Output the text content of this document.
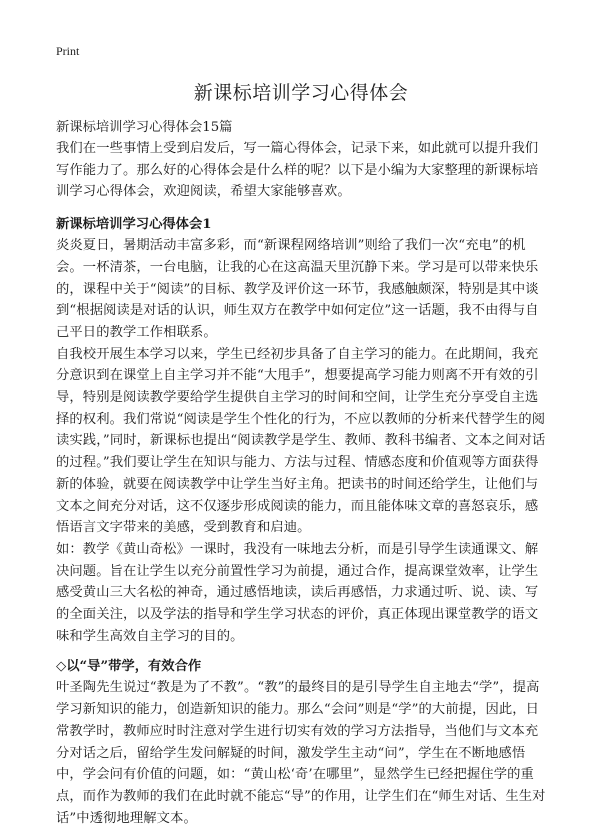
Print
新课标培训学习心得体会
新课标培训学习心得体会15篇

我们在一些事情上受到启发后，写一篇心得体会，记录下来，如此就可以提升我们写作能力了。那么好的心得体会是什么样的呢？以下是小编为大家整理的新课标培训学习心得体会，欢迎阅读，希望大家能够喜欢。

新课标培训学习心得体会1

炎炎夏日，暑期活动丰富多彩，而“新课程网络培训”则给了我们一次“充电”的机会。一杯清茶，一台电脑，让我的心在这高温天里沉静下来。学习是可以带来快乐的，课程中关于“阅读”的目标、教学及评价这一环节，我感触颇深，特别是其中谈到“根据阅读是对话的认识，师生双方在教学中如何定位”这一话题，我不由得与自己平日的教学工作相联系。

自我校开展生本学习以来，学生已经初步具备了自主学习的能力。在此期间，我充分意识到在课堂上自主学习并不能“大甩手”，想要提高学习能力则离不开有效的引导，特别是阅读教学要给学生提供自主学习的时间和空间，让学生充分享受自主选择的权利。我们常说“阅读是学生个性化的行为，不应以教师的分析来代替学生的阅读实践，”同时，新课标也提出“阅读教学是学生、教师、教科书编者、文本之间对话的过程。”我们要让学生在知识与能力、方法与过程、情感态度和价值观等方面获得新的体验，就要在阅读教学中让学生当好主角。把读书的时间还给学生，让他们与文本之间充分对话，这不仅逐步形成阅读的能力，而且能体味文章的喜怒哀乐，感悟语言文字带来的美感，受到教育和启迪。

如：教学《黄山奇松》一课时，我没有一味地去分析，而是引导学生读通课文、解决问题。旨在让学生以充分前置性学习为前提，通过合作，提高课堂效率，让学生感受黄山三大名松的神奇，通过感悟地读，读后再感悟，力求通过听、说、读、写的全面关注，以及学法的指导和学生学习状态的评价，真正体现出课堂教学的语文味和学生高效自主学习的目的。

◇以“导”带学，有效合作

叶圣陶先生说过“教是为了不教”。“教”的最终目的是引导学生自主地去“学”，提高学习新知识的能力，创造新知识的能力。那么“会问”则是“学”的大前提，因此，日常教学时，教师应时时注意对学生进行切实有效的学习方法指导，当他们与文本充分对话之后，留给学生发问解疑的时间，激发学生主动“问”，学生在不断地感悟中，学会问有价值的问题，如：“黄山松‘奇’在哪里”，显然学生已经把握住学的重点，而作为教师的我们在此时就不能忘“导”的作用，让学生们在“师生对话、生生对话”中透彻地理解文本。
